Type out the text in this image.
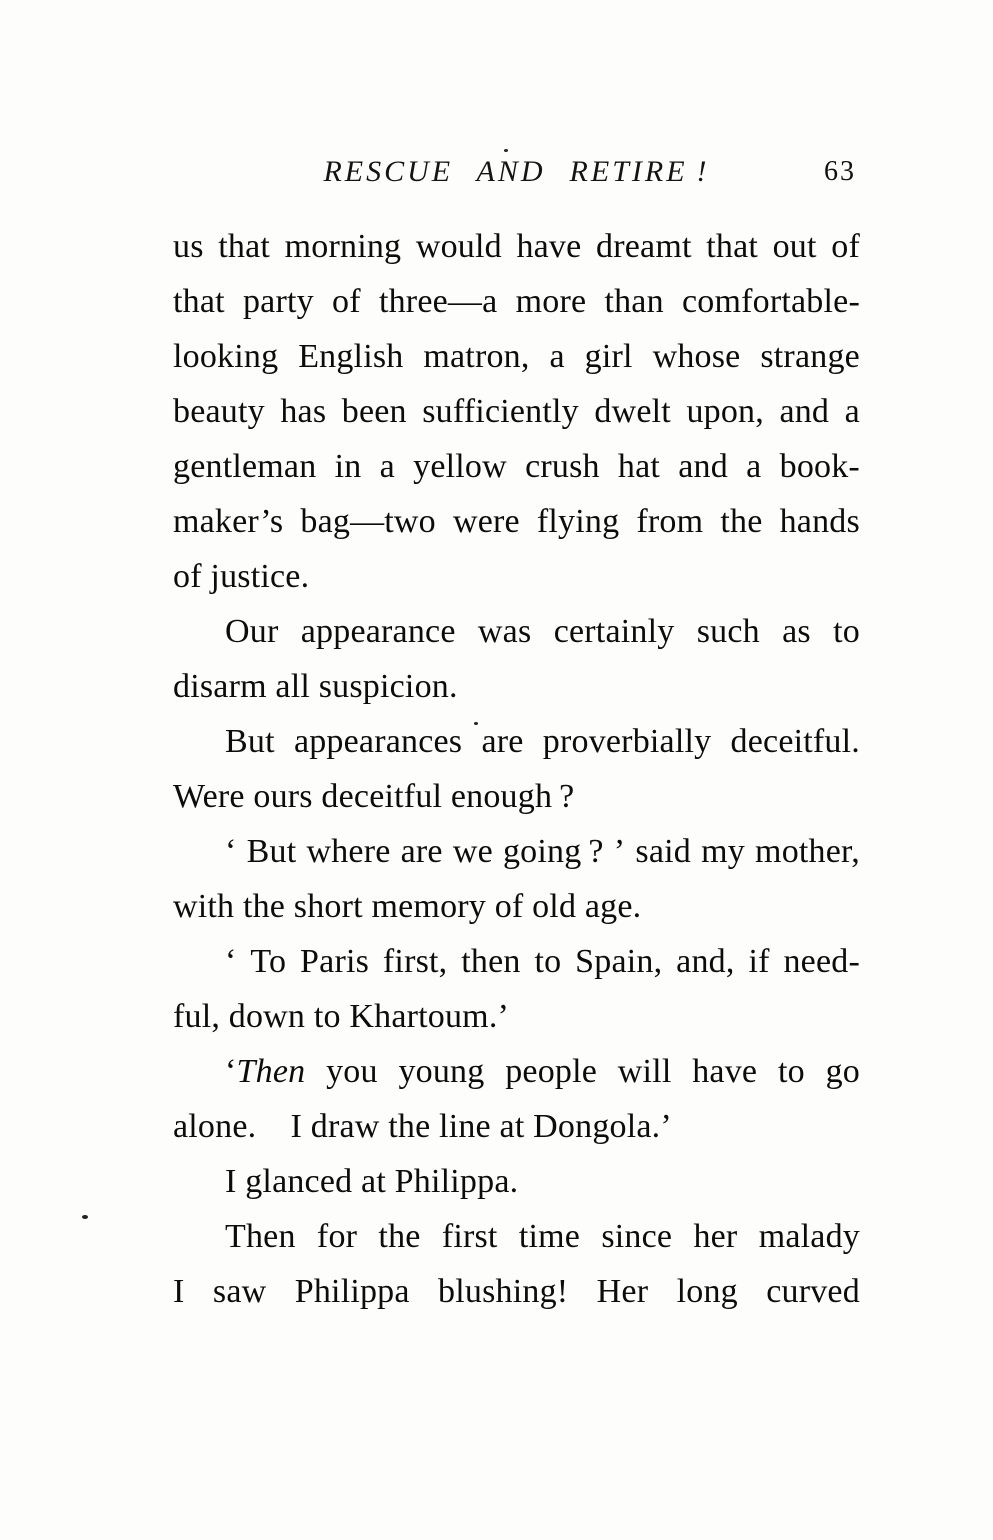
RESCUE AND RETIRE !	63
us that morning would have dreamt that out of
that party of three—a more than comfortable-
looking English matron, a girl whose strange
beauty has been sufficiently dwelt upon, and a
gentleman in a yellow crush hat and a book-
maker’s bag—two were flying from the hands
of justice.
Our appearance was certainly such as to
disarm all suspicion.
But appearances are proverbially deceitful.
Were ours deceitful enough ?
‘ But where are we going ? ’ said my mother,
with the short memory of old age.
‘ To Paris first, then to Spain, and, if need-
ful, down to Khartoum.’
‘Then you young people will have to go
alone. I draw the line at Dongola.’
I glanced at Philippa.
Then for the first time since her malady
I saw Philippa blushing! Her long curved
